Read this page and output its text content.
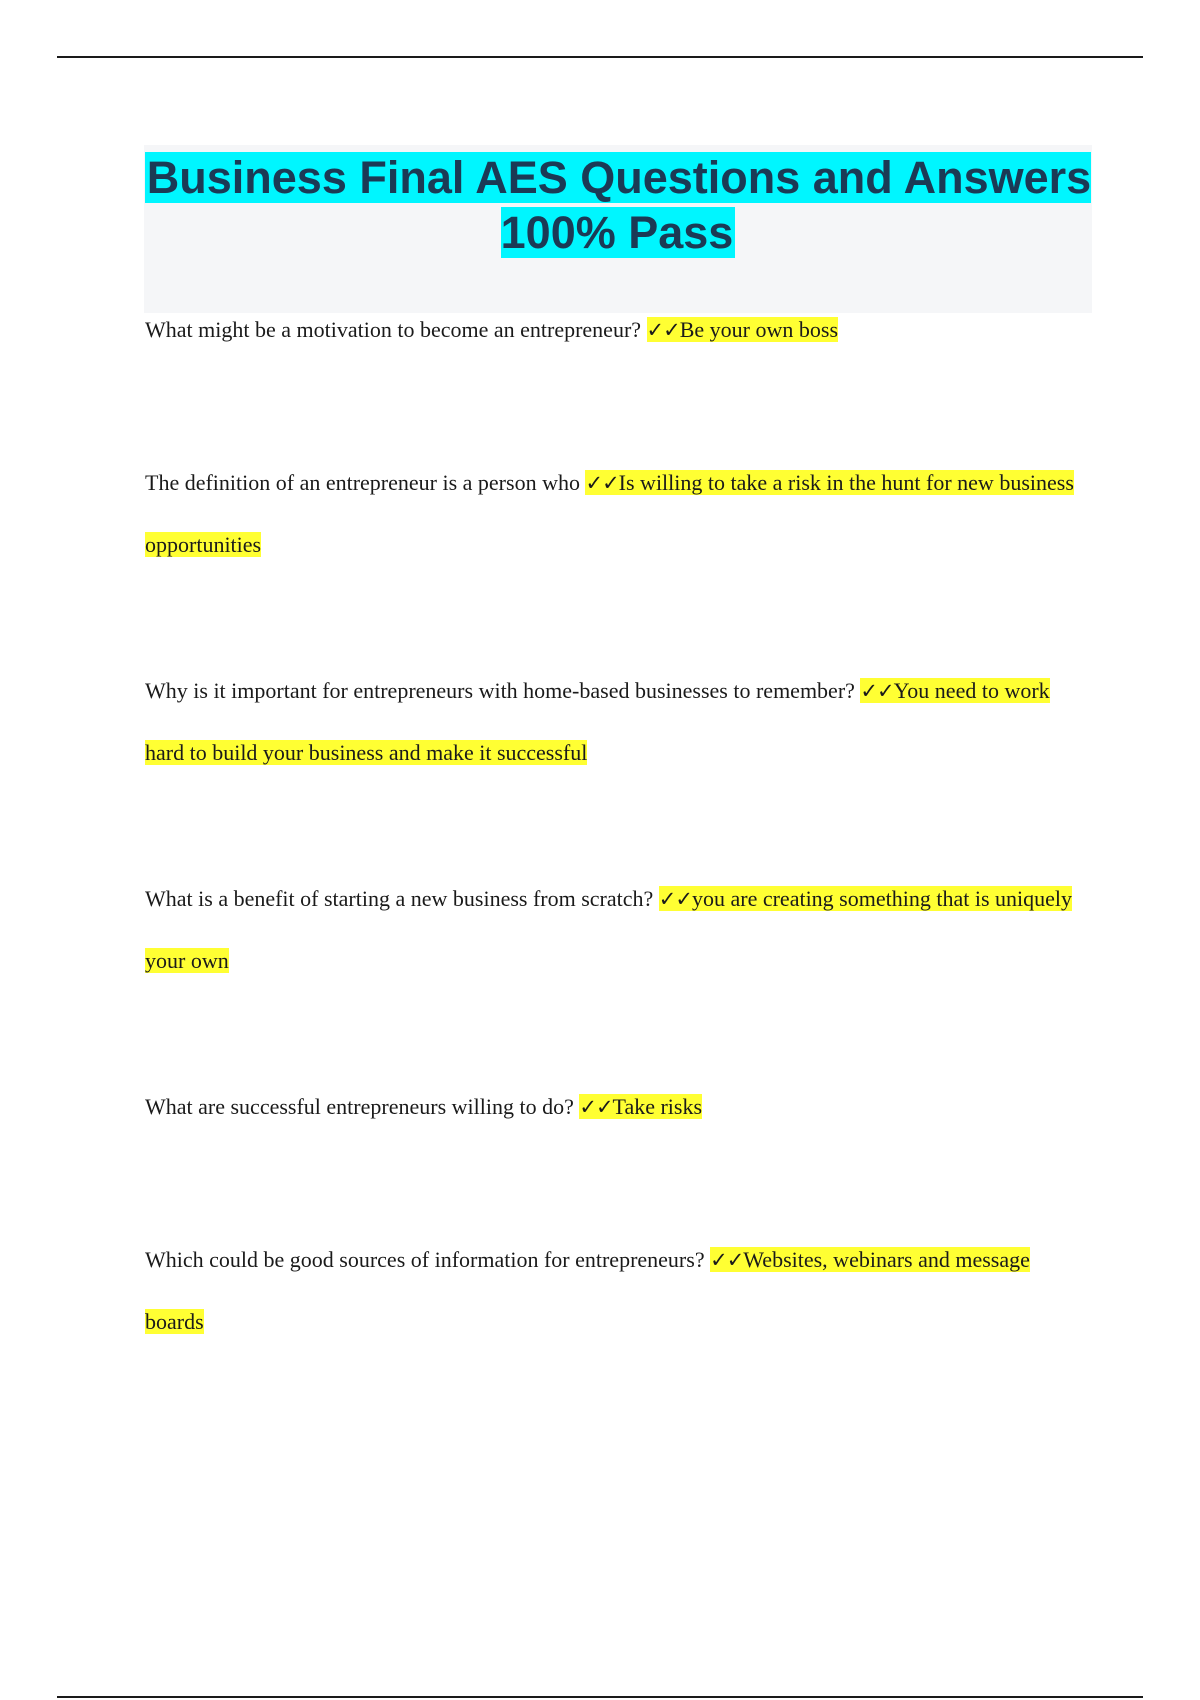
Business Final AES Questions and Answers 100% Pass

What might be a motivation to become an entrepreneur? ✓✓Be your own boss

The definition of an entrepreneur is a person who ✓✓Is willing to take a risk in the hunt for new business opportunities

Why is it important for entrepreneurs with home-based businesses to remember? ✓✓You need to work hard to build your business and make it successful

What is a benefit of starting a new business from scratch? ✓✓you are creating something that is uniquely your own

What are successful entrepreneurs willing to do? ✓✓Take risks

Which could be good sources of information for entrepreneurs? ✓✓Websites, webinars and message boards
